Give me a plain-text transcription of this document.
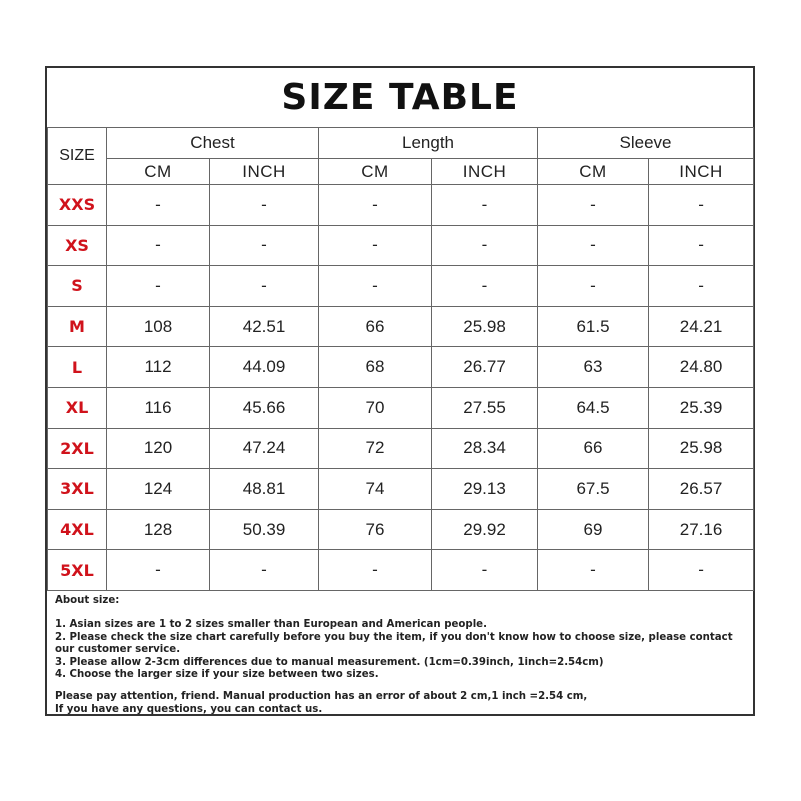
SIZE TABLE
SIZE	Chest		Length		Sleeve	
	CM	INCH	CM	INCH	CM	INCH
XXS	-	-	-	-	-	-
XS	-	-	-	-	-	-
S	-	-	-	-	-	-
M	108	42.51	66	25.98	61.5	24.21
L	112	44.09	68	26.77	63	24.80
XL	116	45.66	70	27.55	64.5	25.39
2XL	120	47.24	72	28.34	66	25.98
3XL	124	48.81	74	29.13	67.5	26.57
4XL	128	50.39	76	29.92	69	27.16
5XL	-	-	-	-	-	-
About size:
1. Asian sizes are 1 to 2 sizes smaller than European and American people.
2. Please check the size chart carefully before you buy the item, if you don't know how to choose size, please contact our customer service.
3. Please allow 2-3cm differences due to manual measurement. (1cm=0.39inch, 1inch=2.54cm)
4. Choose the larger size if your size between two sizes.
Please pay attention, friend. Manual production has an error of about 2 cm,1 inch =2.54 cm,
If you have any questions, you can contact us.
